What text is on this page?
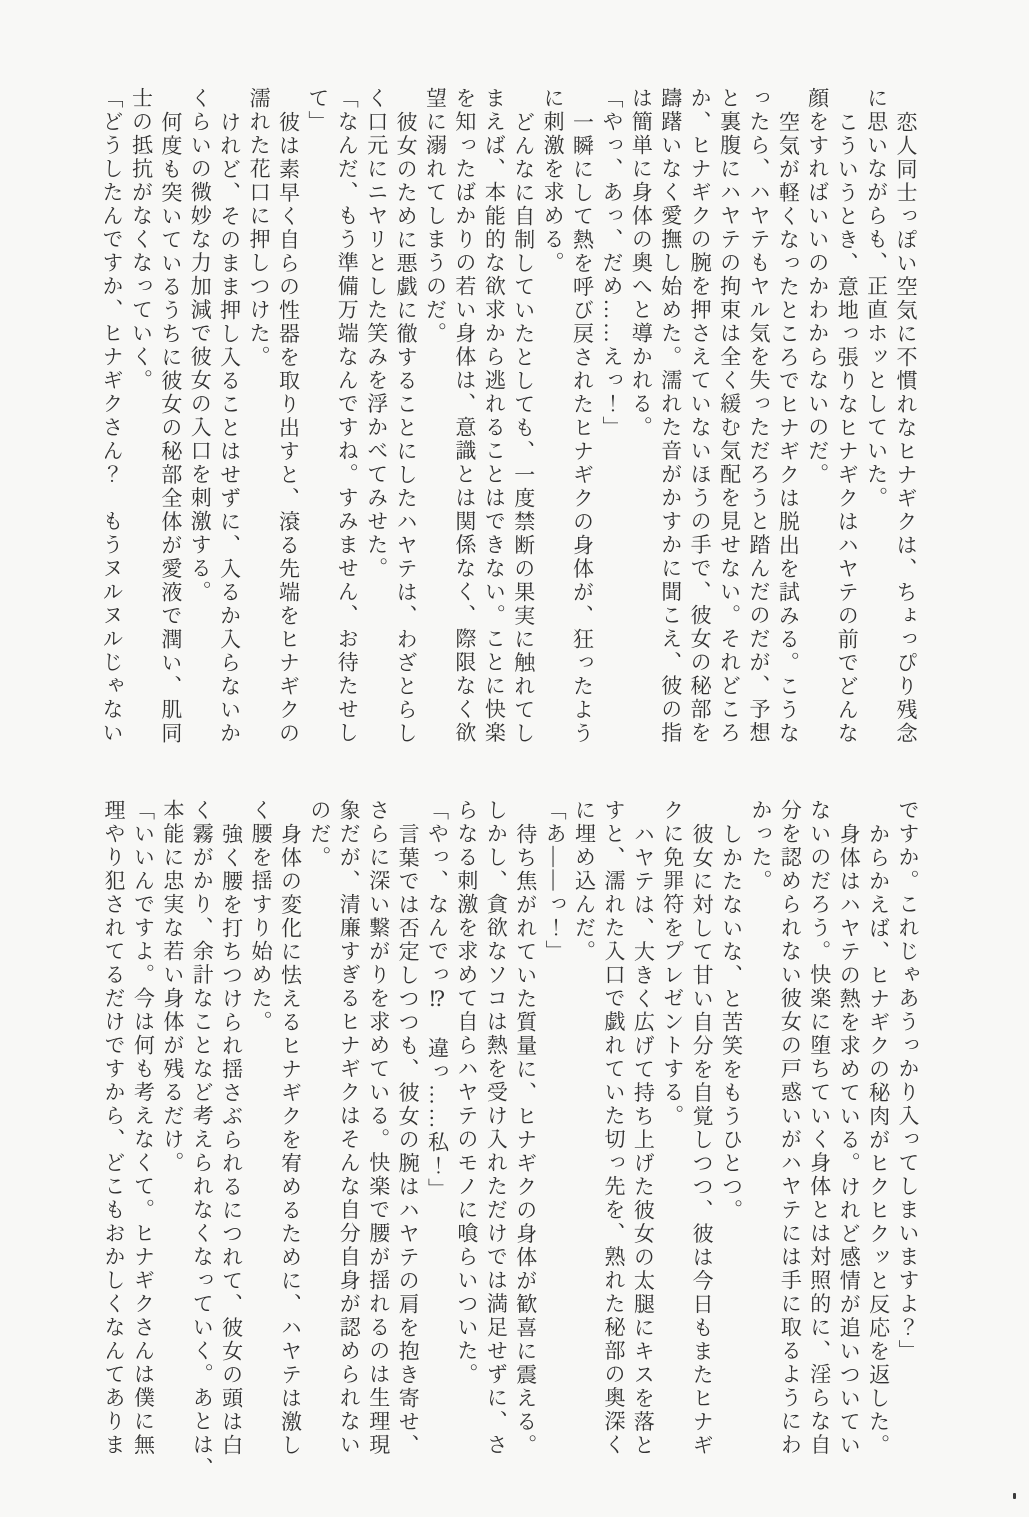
恋人同士っぽい空気に不慣れなヒナギクは、ちょっぴり残念

に思いながらも、正直ホッとしていた。

こういうとき、意地っ張りなヒナギクはハヤテの前でどんな

顔をすればいいのかわからないのだ。

空気が軽くなったところでヒナギクは脱出を試みる。こうな

ったら、ハヤテもヤル気を失っただろうと踏んだのだが、予想

と裏腹にハヤテの拘束は全く緩む気配を見せない。それどころ

か、ヒナギクの腕を押さえていないほうの手で、彼女の秘部を

躊躇いなく愛撫し始めた。濡れた音がかすかに聞こえ、彼の指

は簡単に身体の奥へと導かれる。

「やっ、あっ、だめ……えっ！」

一瞬にして熱を呼び戻されたヒナギクの身体が、狂ったよう

に刺激を求める。

どんなに自制していたとしても、一度禁断の果実に触れてし

まえば、本能的な欲求から逃れることはできない。ことに快楽

を知ったばかりの若い身体は、意識とは関係なく、際限なく欲

望に溺れてしまうのだ。

彼女のために悪戯に徹することにしたハヤテは、わざとらし

く口元にニヤリとした笑みを浮かべてみせた。

「なんだ、もう準備万端なんですね。すみません、お待たせし

て」

彼は素早く自らの性器を取り出すと、滾る先端をヒナギクの

濡れた花口に押しつけた。

けれど、そのまま押し入ることはせずに、入るか入らないか

くらいの微妙な力加減で彼女の入口を刺激する。

何度も突いているうちに彼女の秘部全体が愛液で潤い、肌同

士の抵抗がなくなっていく。

「どうしたんですか、ヒナギクさん？　もうヌルヌルじゃない

ですか。これじゃあうっかり入ってしまいますよ？」

からかえば、ヒナギクの秘肉がヒクヒクッと反応を返した。

身体はハヤテの熱を求めている。けれど感情が追いついてい

ないのだろう。快楽に堕ちていく身体とは対照的に、淫らな自

分を認められない彼女の戸惑いがハヤテには手に取るようにわ

かった。

しかたないな、と苦笑をもうひとつ。

彼女に対して甘い自分を自覚しつつ、彼は今日もまたヒナギ

クに免罪符をプレゼントする。

ハヤテは、大きく広げて持ち上げた彼女の太腿にキスを落と

すと、濡れた入口で戯れていた切っ先を、熟れた秘部の奥深く

に埋め込んだ。

「あ――っ！」

待ち焦がれていた質量に、ヒナギクの身体が歓喜に震える。

しかし、貪欲なソコは熱を受け入れただけでは満足せずに、さ

らなる刺激を求めて自らハヤテのモノに喰らいついた。

「やっ、なんでっ⁉　違っ……私！」

言葉では否定しつつも、彼女の腕はハヤテの肩を抱き寄せ、

さらに深い繋がりを求めている。快楽で腰が揺れるのは生理現

象だが、清廉すぎるヒナギクはそんな自分自身が認められない

のだ。

身体の変化に怯えるヒナギクを宥めるために、ハヤテは激し

く腰を揺すり始めた。

強く腰を打ちつけられ揺さぶられるにつれて、彼女の頭は白

く霧がかり、余計なことなど考えられなくなっていく。あとは、

本能に忠実な若い身体が残るだけ。

「いいんですよ。今は何も考えなくて。ヒナギクさんは僕に無

理やり犯されてるだけですから、どこもおかしくなんてありま
